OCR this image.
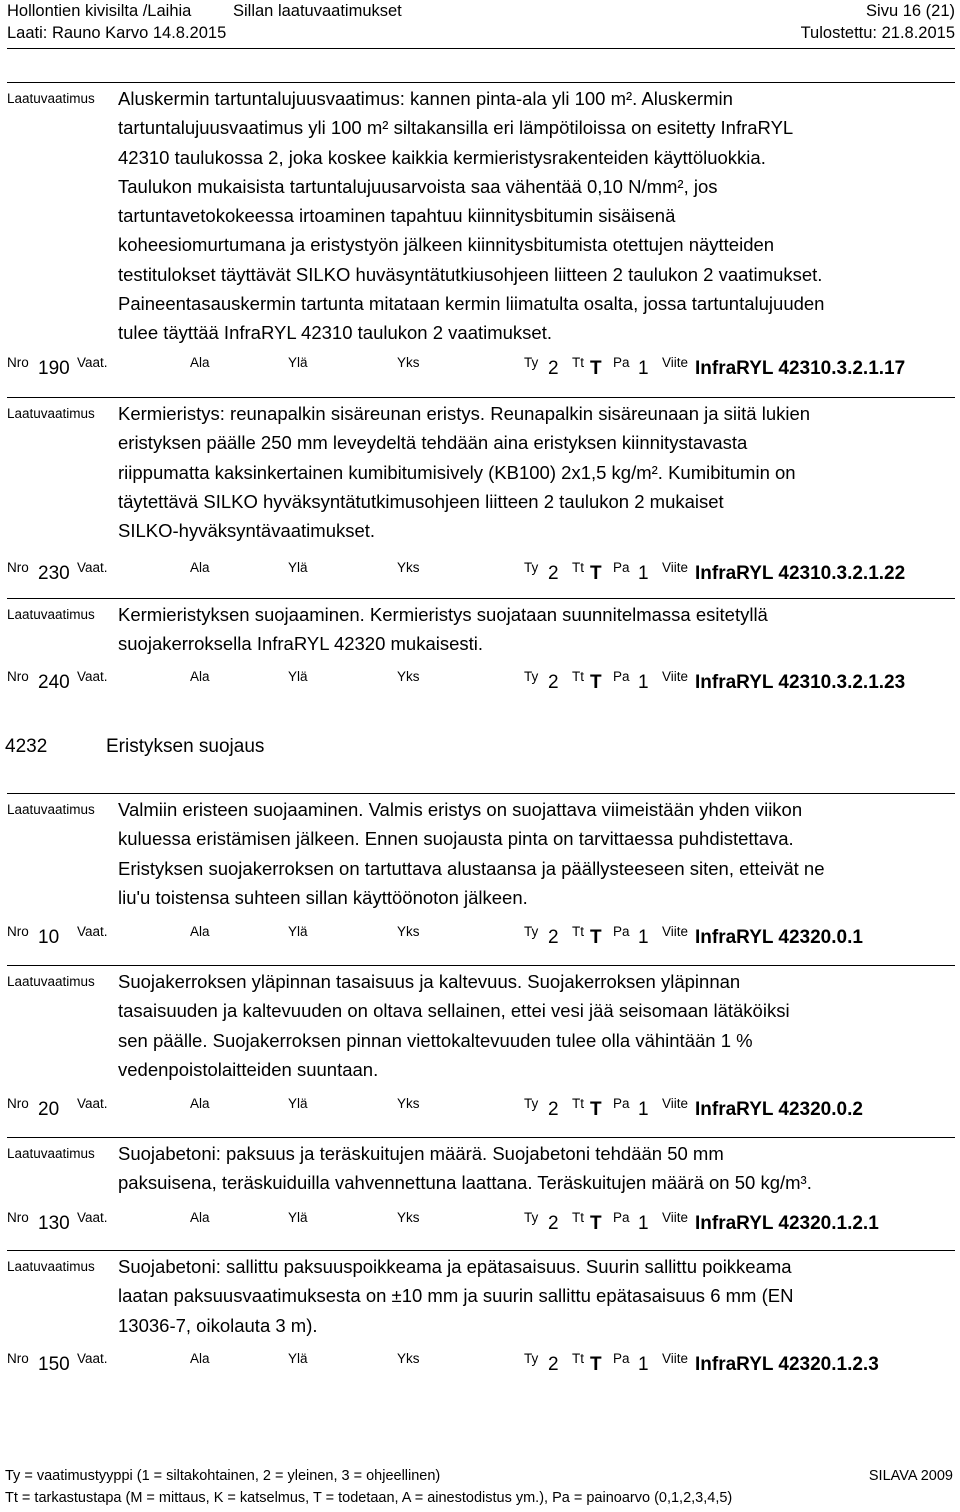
Hollontien kivisilta /Laihia	Sillan laatuvaatimukset	Sivu 16 (21)
Laati: Rauno Karvo 14.8.2015	Tulostettu: 21.8.2015
Laatuvaatimus Aluskermin tartuntalujuusvaatimus: kannen pinta-ala yli 100 m². Aluskermin
tartuntalujuusvaatimus yli 100 m² siltakansilla eri lämpötiloissa on esitetty InfraRYL
42310 taulukossa 2, joka koskee kaikkia kermieristysrakenteiden käyttöluokkia.
Taulukon mukaisista tartuntalujuusarvoista saa vähentää 0,10 N/mm², jos
tartuntavetokokeessa irtoaminen tapahtuu kiinnitysbitumin sisäisenä
koheesiomurtumana ja eristystyön jälkeen kiinnitysbitumista otettujen näytteiden
testitulokset täyttävät SILKO huväsyntätutkiusohjeen liitteen 2 taulukon 2 vaatimukset.
Paineentasauskermin tartunta mitataan kermin liimatulta osalta, jossa tartuntalujuuden
tulee täyttää InfraRYL 42310 taulukon 2 vaatimukset.
Nro 190 Vaat.	Ala	Ylä	Yks	Ty 2 Tt T Pa 1 Viite InfraRYL 42310.3.2.1.17
Laatuvaatimus Kermieristys: reunapalkin sisäreunan eristys. Reunapalkin sisäreunaan ja siitä lukien
eristyksen päälle 250 mm leveydeltä tehdään aina eristyksen kiinnitystavasta
riippumatta kaksinkertainen kumibitumisively (KB100) 2x1,5 kg/m². Kumibitumin on
täytettävä SILKO hyväksyntätutkimusohjeen liitteen 2 taulukon 2 mukaiset
SILKO-hyväksyntävaatimukset.
Nro 230 Vaat.	Ala	Ylä	Yks	Ty 2 Tt T Pa 1 Viite InfraRYL 42310.3.2.1.22
Laatuvaatimus Kermieristyksen suojaaminen. Kermieristys suojataan suunnitelmassa esitetyllä
suojakerroksella InfraRYL 42320 mukaisesti.
Nro 240 Vaat.	Ala	Ylä	Yks	Ty 2 Tt T Pa 1 Viite InfraRYL 42310.3.2.1.23
Laatuvaatimus Valmiin eristeen suojaaminen. Valmis eristys on suojattava viimeistään yhden viikon
kuluessa eristämisen jälkeen. Ennen suojausta pinta on tarvittaessa puhdistettava.
Eristyksen suojakerroksen on tartuttava alustaansa ja päällysteeseen siten, etteivät ne
liu'u toistensa suhteen sillan käyttöönoton jälkeen.
Nro 10 Vaat.	Ala	Ylä	Yks	Ty 2 Tt T Pa 1 Viite InfraRYL 42320.0.1
Laatuvaatimus Suojakerroksen yläpinnan tasaisuus ja kaltevuus. Suojakerroksen yläpinnan
tasaisuuden ja kaltevuuden on oltava sellainen, ettei vesi jää seisomaan lätäköiksi
sen päälle. Suojakerroksen pinnan viettokaltevuuden tulee olla vähintään 1 %
vedenpoistolaitteiden suuntaan.
Nro 20 Vaat.	Ala	Ylä	Yks	Ty 2 Tt T Pa 1 Viite InfraRYL 42320.0.2
Laatuvaatimus Suojabetoni: paksuus ja teräskuitujen määrä. Suojabetoni tehdään 50 mm
paksuisena, teräskuiduilla vahvennettuna laattana. Teräskuitujen määrä on 50 kg/m³.
Nro 130 Vaat.	Ala	Ylä	Yks	Ty 2 Tt T Pa 1 Viite InfraRYL 42320.1.2.1
Laatuvaatimus Suojabetoni: sallittu paksuuspoikkeama ja epätasaisuus. Suurin sallittu poikkeama
laatan paksuusvaatimuksesta on ±10 mm ja suurin sallittu epätasaisuus 6 mm (EN
13036-7, oikolauta 3 m).
Nro 150 Vaat.	Ala	Ylä	Yks	Ty 2 Tt T Pa 1 Viite InfraRYL 42320.1.2.3
4232	Eristyksen suojaus
Ty = vaatimustyyppi (1 = siltakohtainen, 2 = yleinen, 3 = ohjeellinen)	SILAVA 2009
Tt = tarkastustapa (M = mittaus, K = katselmus, T = todetaan, A = ainestodistus ym.), Pa = painoarvo (0,1,2,3,4,5)
